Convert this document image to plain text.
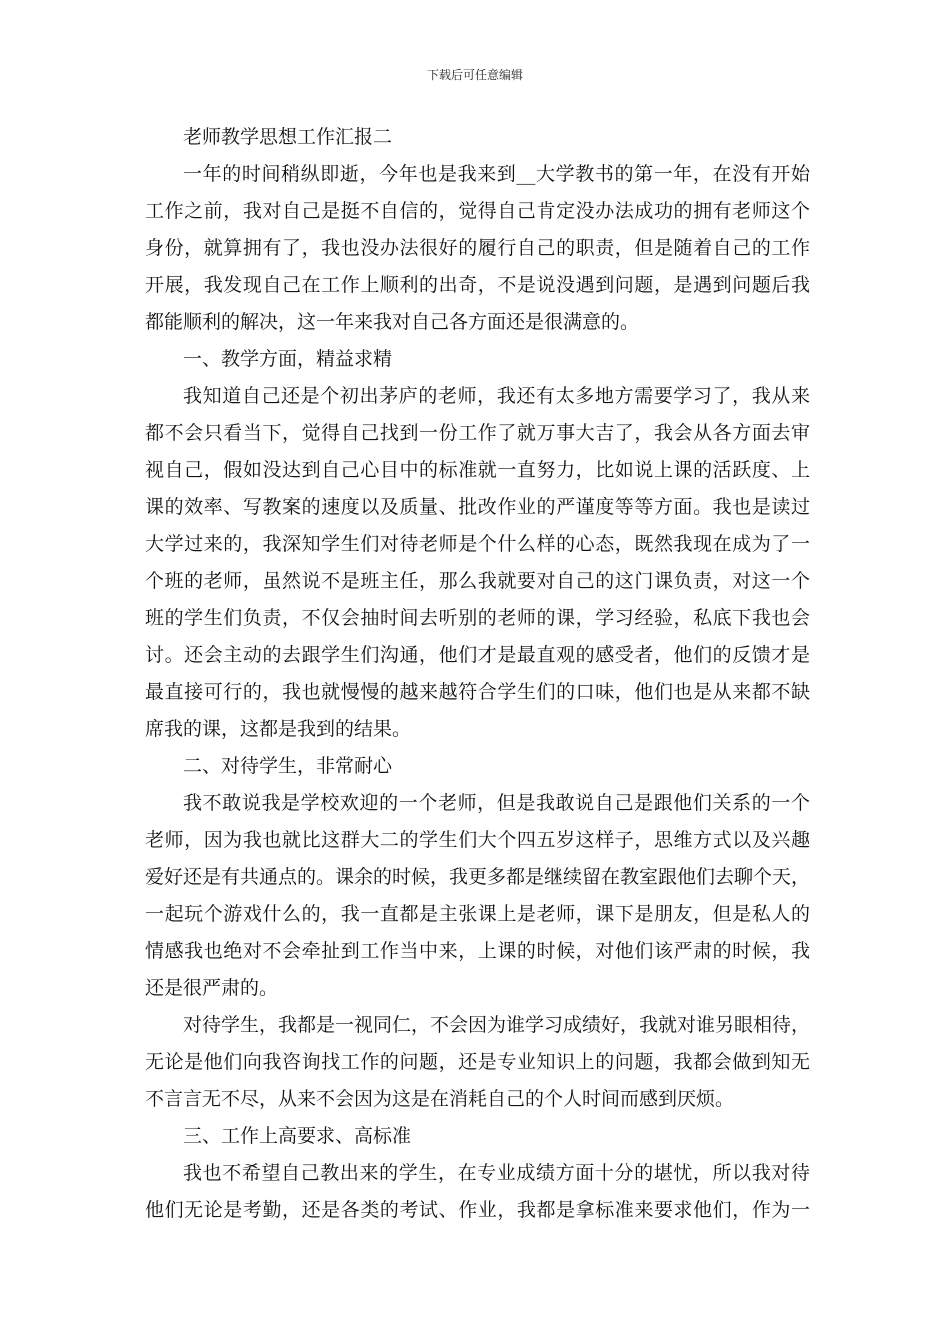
下载后可任意编辑
老师教学思想工作汇报二
一年的时间稍纵即逝，今年也是我来到__大学教书的第一年，在没有开始
工作之前，我对自己是挺不自信的，觉得自己肯定没办法成功的拥有老师这个
身份，就算拥有了，我也没办法很好的履行自己的职责，但是随着自己的工作
开展，我发现自己在工作上顺利的出奇，不是说没遇到问题，是遇到问题后我
都能顺利的解决，这一年来我对自己各方面还是很满意的。
一、教学方面，精益求精
我知道自己还是个初出茅庐的老师，我还有太多地方需要学习了，我从来
都不会只看当下，觉得自己找到一份工作了就万事大吉了，我会从各方面去审
视自己，假如没达到自己心目中的标准就一直努力，比如说上课的活跃度、上
课的效率、写教案的速度以及质量、批改作业的严谨度等等方面。我也是读过
大学过来的，我深知学生们对待老师是个什么样的心态，既然我现在成为了一
个班的老师，虽然说不是班主任，那么我就要对自己的这门课负责，对这一个
班的学生们负责，不仅会抽时间去听别的老师的课，学习经验，私底下我也会
讨。还会主动的去跟学生们沟通，他们才是最直观的感受者，他们的反馈才是
最直接可行的，我也就慢慢的越来越符合学生们的口味，他们也是从来都不缺
席我的课，这都是我到的结果。
二、对待学生，非常耐心
我不敢说我是学校欢迎的一个老师，但是我敢说自己是跟他们关系的一个
老师，因为我也就比这群大二的学生们大个四五岁这样子，思维方式以及兴趣
爱好还是有共通点的。课余的时候，我更多都是继续留在教室跟他们去聊个天，
一起玩个游戏什么的，我一直都是主张课上是老师，课下是朋友，但是私人的
情感我也绝对不会牵扯到工作当中来，上课的时候，对他们该严肃的时候，我
还是很严肃的。
对待学生，我都是一视同仁，不会因为谁学习成绩好，我就对谁另眼相待，
无论是他们向我咨询找工作的问题，还是专业知识上的问题，我都会做到知无
不言言无不尽，从来不会因为这是在消耗自己的个人时间而感到厌烦。
三、工作上高要求、高标准
我也不希望自己教出来的学生，在专业成绩方面十分的堪忧，所以我对待
他们无论是考勤，还是各类的考试、作业，我都是拿标准来要求他们，作为一
